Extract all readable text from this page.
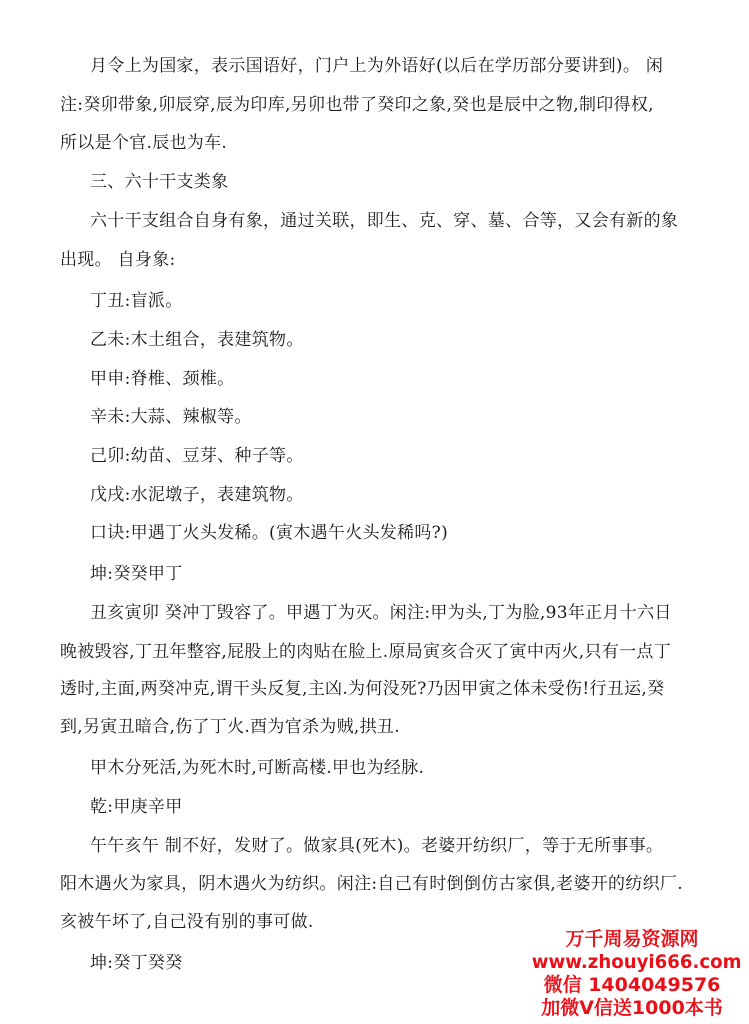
月令上为国家，表示国语好，门户上为外语好(以后在学历部分要讲到)。 闲
注:癸卯带象,卯辰穿,辰为印库,另卯也带了癸印之象,癸也是辰中之物,制印得权,
所以是个官.辰也为车.
三、六十干支类象
六十干支组合自身有象，通过关联，即生、克、穿、墓、合等，又会有新的象
出现。 自身象:
丁丑:盲派。
乙未:木土组合，表建筑物。
甲申:脊椎、颈椎。
辛未:大蒜、辣椒等。
己卯:幼苗、豆芽、种子等。
戊戌:水泥墩子，表建筑物。
口诀:甲遇丁火头发稀。(寅木遇午火头发稀吗?)
坤:癸癸甲丁
丑亥寅卯 癸冲丁毁容了。甲遇丁为灭。闲注:甲为头,丁为脸,93年正月十六日
晚被毁容,丁丑年整容,屁股上的肉贴在脸上.原局寅亥合灭了寅中丙火,只有一点丁
透时,主面,两癸冲克,谓干头反复,主凶.为何没死?乃因甲寅之体未受伤!行丑运,癸
到,另寅丑暗合,伤了丁火.酉为官杀为贼,拱丑.
甲木分死活,为死木时,可断高楼.甲也为经脉.
乾:甲庚辛甲
午午亥午 制不好，发财了。做家具(死木)。老婆开纺织厂，等于无所事事。
阳木遇火为家具，阴木遇火为纺织。闲注:自己有时倒倒仿古家俱,老婆开的纺织厂.
亥被午坏了,自己没有别的事可做.
坤:癸丁癸癸
万千周易资源网
www.zhouyi666.com
微信 1404049576
加微V信送1000本书
